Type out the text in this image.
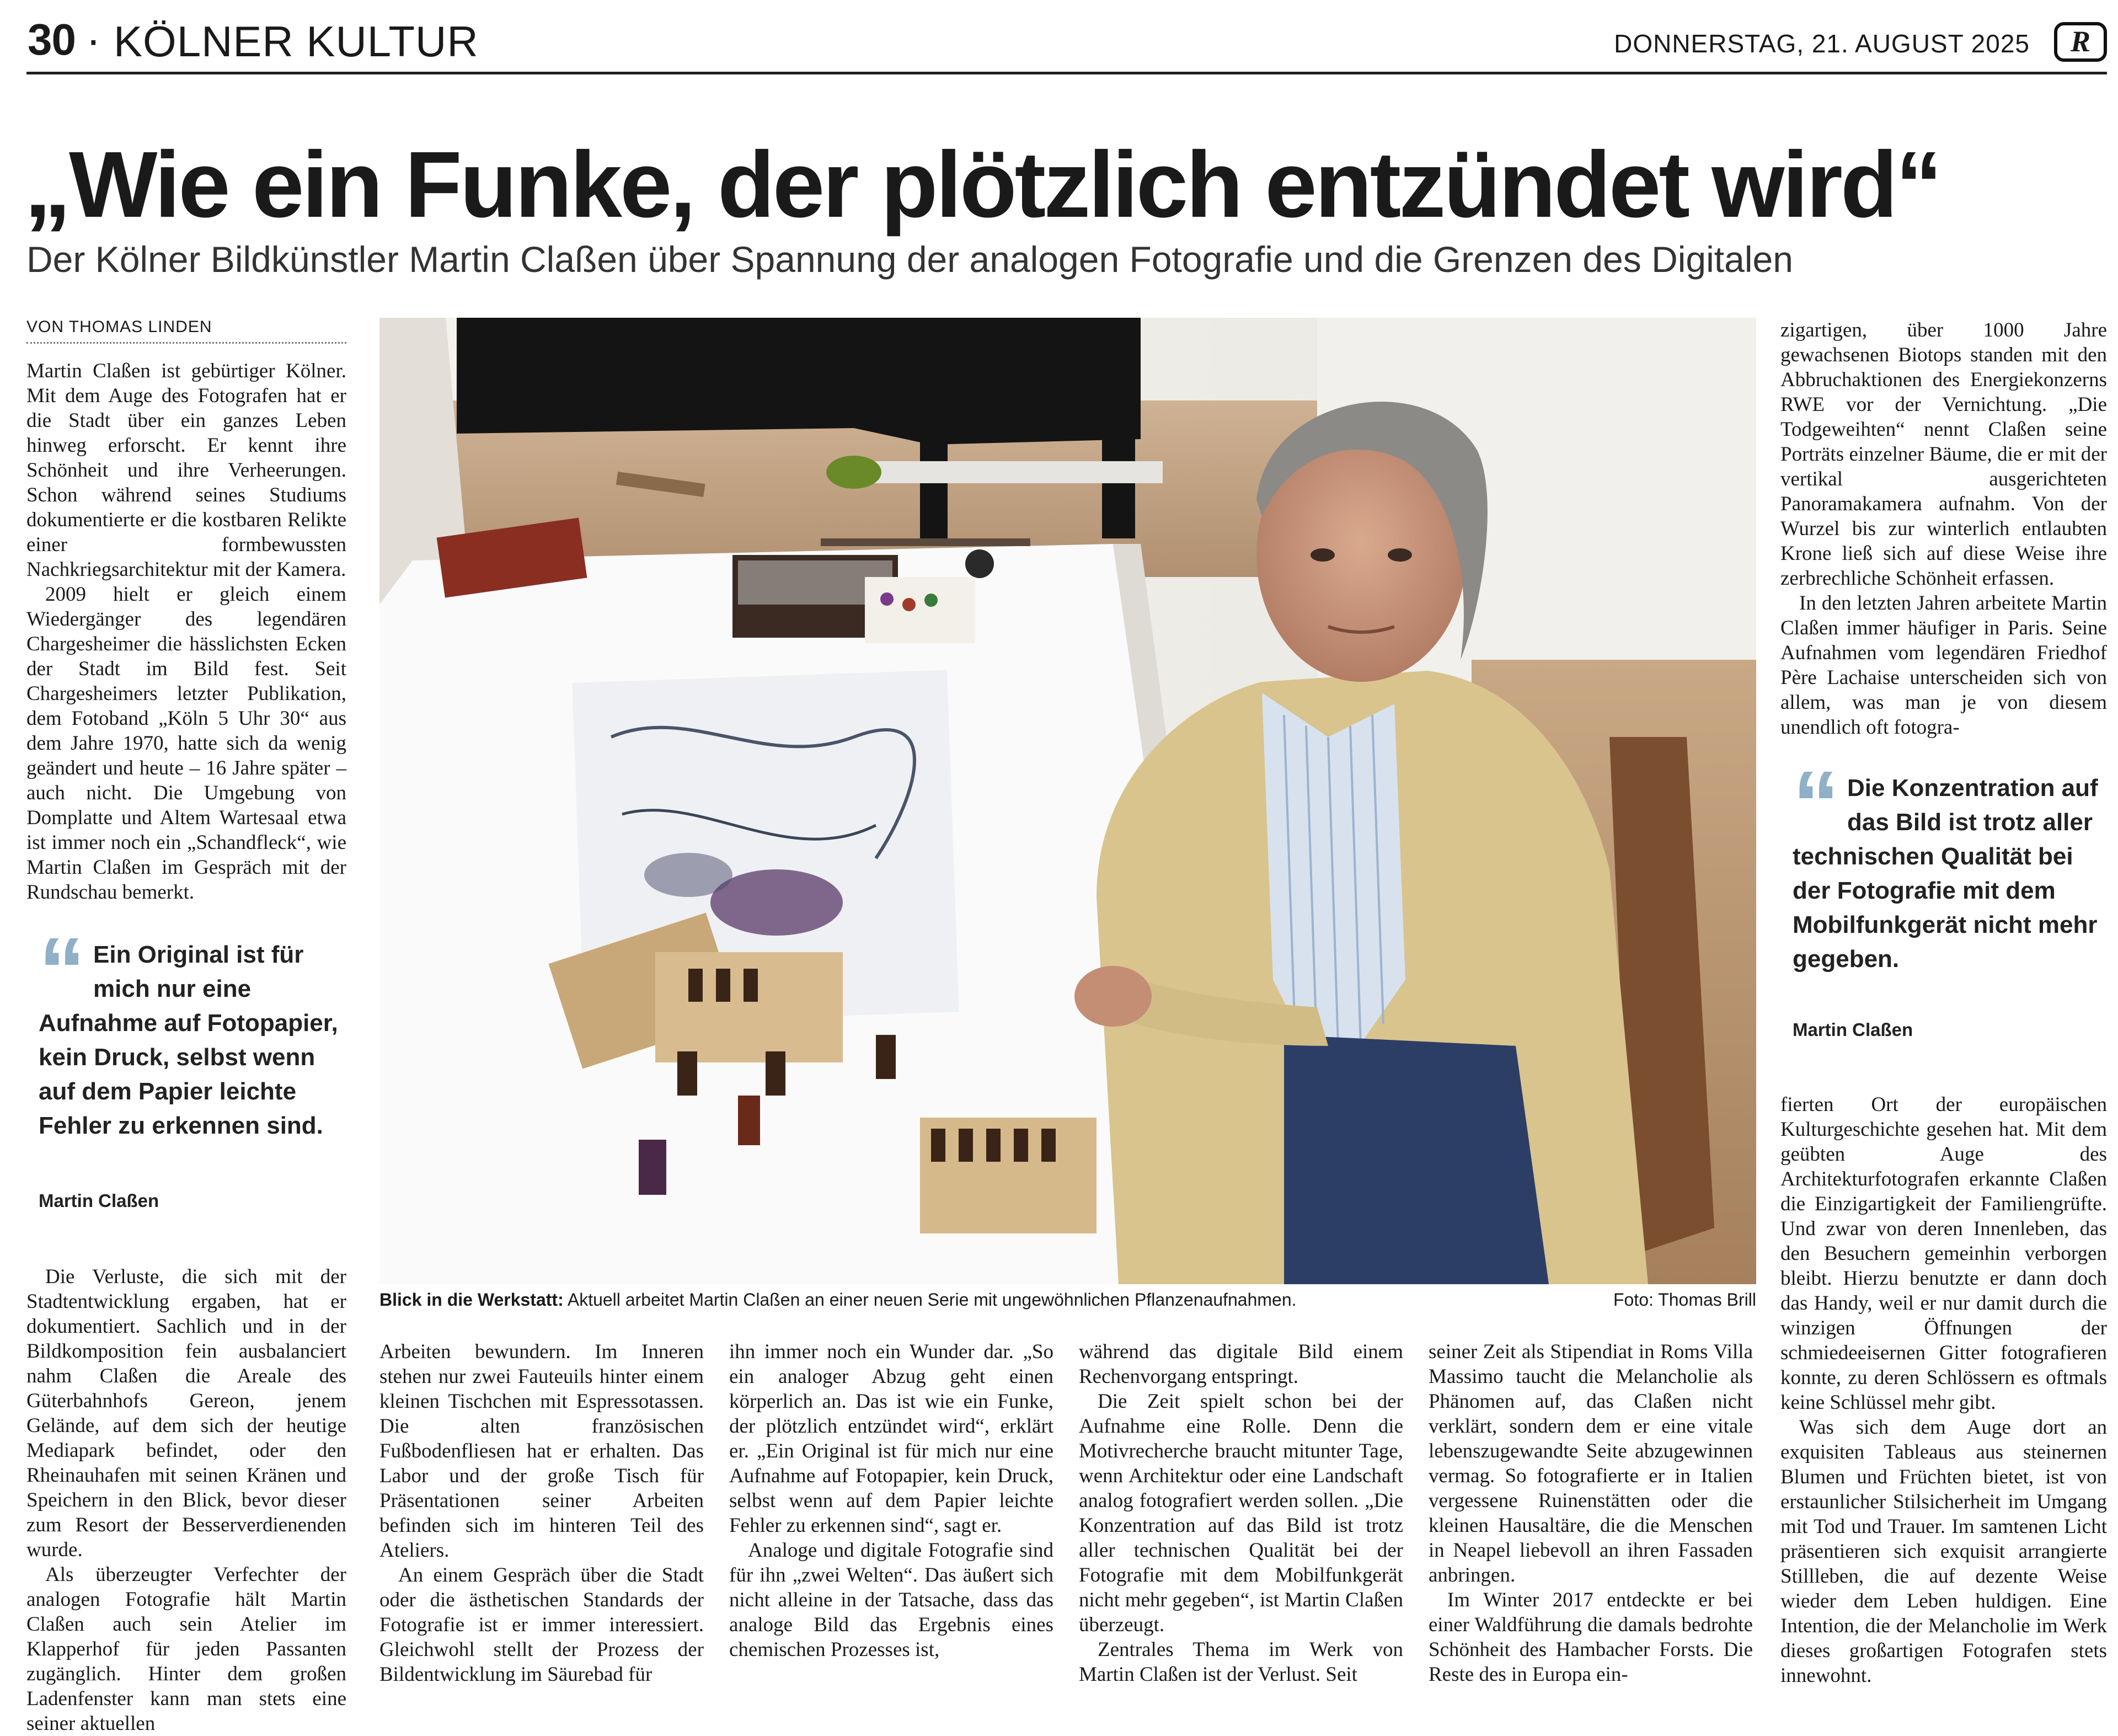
30 · KÖLNER KULTUR	DONNERSTAG, 21. AUGUST 2025	R
„Wie ein Funke, der plötzlich entzündet wird“
Der Kölner Bildkünstler Martin Claßen über Spannung der analogen Fotografie und die Grenzen des Digitalen
VON THOMAS LINDEN

Martin Claßen ist gebürtiger Kölner. Mit dem Auge des Fotografen hat er die Stadt über ein ganzes Leben hinweg erforscht. Er kennt ihre Schönheit und ihre Verheerungen. Schon während seines Studiums dokumentierte er die kostbaren Relikte einer formbewussten Nachkriegsarchitektur mit der Kamera.

2009 hielt er gleich einem Wiedergänger des legendären Chargesheimer die hässlichsten Ecken der Stadt im Bild fest. Seit Chargesheimers letzter Publikation, dem Fotoband „Köln 5 Uhr 30“ aus dem Jahre 1970, hatte sich da wenig geändert und heute – 16 Jahre später – auch nicht. Die Umgebung von Domplatte und Altem Wartesaal etwa ist immer noch ein „Schandfleck“, wie Martin Claßen im Gespräch mit der Rundschau bemerkt.

“ Ein Original ist für mich nur eine Aufnahme auf Fotopapier, kein Druck, selbst wenn auf dem Papier leichte Fehler zu erkennen sind.
Martin Claßen

Die Verluste, die sich mit der Stadtentwicklung ergaben, hat er dokumentiert. Sachlich und in der Bildkomposition fein ausbalanciert nahm Claßen die Areale des Güterbahnhofs Gereon, jenem Gelände, auf dem sich der heutige Mediapark befindet, oder den Rheinauhafen mit seinen Kränen und Speichern in den Blick, bevor dieser zum Resort der Besserverdienenden wurde.

Als überzeugter Verfechter der analogen Fotografie hält Martin Claßen auch sein Atelier im Klapperhof für jeden Passanten zugänglich. Hinter dem großen Ladenfenster kann man stets eine seiner aktuellen

Blick in die Werkstatt: Aktuell arbeitet Martin Claßen an einer neuen Serie mit ungewöhnlichen Pflanzenaufnahmen.	Foto: Thomas Brill

Arbeiten bewundern. Im Inneren stehen nur zwei Fauteuils hinter einem kleinen Tischchen mit Espressotassen. Die alten französischen Fußbodenfliesen hat er erhalten. Das Labor und der große Tisch für Präsentationen seiner Arbeiten befinden sich im hinteren Teil des Ateliers.

An einem Gespräch über die Stadt oder die ästhetischen Standards der Fotografie ist er immer interessiert. Gleichwohl stellt der Prozess der Bildentwicklung im Säurebad für

ihn immer noch ein Wunder dar. „So ein analoger Abzug geht einen körperlich an. Das ist wie ein Funke, der plötzlich entzündet wird“, erklärt er. „Ein Original ist für mich nur eine Aufnahme auf Fotopapier, kein Druck, selbst wenn auf dem Papier leichte Fehler zu erkennen sind“, sagt er.

Analoge und digitale Fotografie sind für ihn „zwei Welten“. Das äußert sich nicht alleine in der Tatsache, dass das analoge Bild das Ergebnis eines chemischen Prozesses ist,

während das digitale Bild einem Rechenvorgang entspringt.

Die Zeit spielt schon bei der Aufnahme eine Rolle. Denn die Motivrecherche braucht mitunter Tage, wenn Architektur oder eine Landschaft analog fotografiert werden sollen. „Die Konzentration auf das Bild ist trotz aller technischen Qualität bei der Fotografie mit dem Mobilfunkgerät nicht mehr gegeben“, ist Martin Claßen überzeugt.

Zentrales Thema im Werk von Martin Claßen ist der Verlust. Seit

seiner Zeit als Stipendiat in Roms Villa Massimo taucht die Melancholie als Phänomen auf, das Claßen nicht verklärt, sondern dem er eine vitale lebenszugewandte Seite abzugewinnen vermag. So fotografierte er in Italien vergessene Ruinenstätten oder die kleinen Hausaltäre, die die Menschen in Neapel liebevoll an ihren Fassaden anbringen.

Im Winter 2017 entdeckte er bei einer Waldführung die damals bedrohte Schönheit des Hambacher Forsts. Die Reste des in Europa ein-

zigartigen, über 1000 Jahre gewachsenen Biotops standen mit den Abbruchaktionen des Energiekonzerns RWE vor der Vernichtung. „Die Todgeweihten“ nennt Claßen seine Porträts einzelner Bäume, die er mit der vertikal ausgerichteten Panoramakamera aufnahm. Von der Wurzel bis zur winterlich entlaubten Krone ließ sich auf diese Weise ihre zerbrechliche Schönheit erfassen.

In den letzten Jahren arbeitete Martin Claßen immer häufiger in Paris. Seine Aufnahmen vom legendären Friedhof Père Lachaise unterscheiden sich von allem, was man je von diesem unendlich oft fotogra-

“ Die Konzentration auf das Bild ist trotz aller technischen Qualität bei der Fotografie mit dem Mobilfunkgerät nicht mehr gegeben.
Martin Claßen

fierten Ort der europäischen Kulturgeschichte gesehen hat. Mit dem geübten Auge des Architekturfotografen erkannte Claßen die Einzigartigkeit der Familiengrüfte. Und zwar von deren Innenleben, das den Besuchern gemeinhin verborgen bleibt. Hierzu benutzte er dann doch das Handy, weil er nur damit durch die winzigen Öffnungen der schmiedeeisernen Gitter fotografieren konnte, zu deren Schlössern es oftmals keine Schlüssel mehr gibt.

Was sich dem Auge dort an exquisiten Tableaus aus steinernen Blumen und Früchten bietet, ist von erstaunlicher Stilsicherheit im Umgang mit Tod und Trauer. Im samtenen Licht präsentieren sich exquisit arrangierte Stillleben, die auf dezente Weise wieder dem Leben huldigen. Eine Intention, die der Melancholie im Werk dieses großartigen Fotografen stets innewohnt.
